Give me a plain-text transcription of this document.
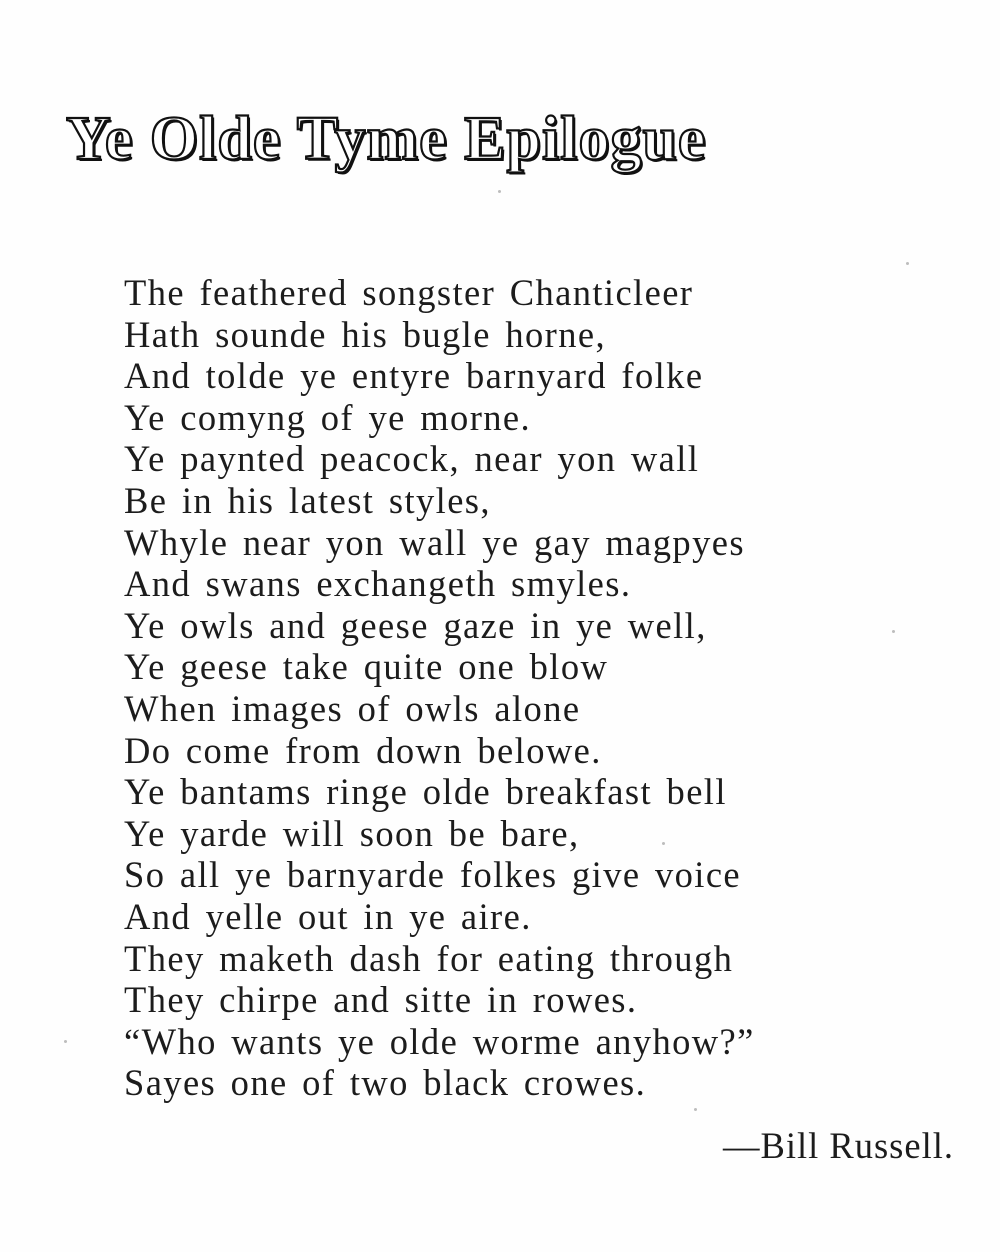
Ye Olde Tyme Epilogue
The feathered songster Chanticleer
Hath sounde his bugle horne,
And tolde ye entyre barnyard folke
Ye comyng of ye morne.
Ye paynted peacock, near yon wall
Be in his latest styles,
Whyle near yon wall ye gay magpyes
And swans exchangeth smyles.
Ye owls and geese gaze in ye well,
Ye geese take quite one blow
When images of owls alone
Do come from down belowe.
Ye bantams ringe olde breakfast bell
Ye yarde will soon be bare,
So all ye barnyarde folkes give voice
And yelle out in ye aire.
They maketh dash for eating through
They chirpe and sitte in rowes.
“Who wants ye olde worme anyhow?”
Sayes one of two black crowes.
—Bill Russell.
